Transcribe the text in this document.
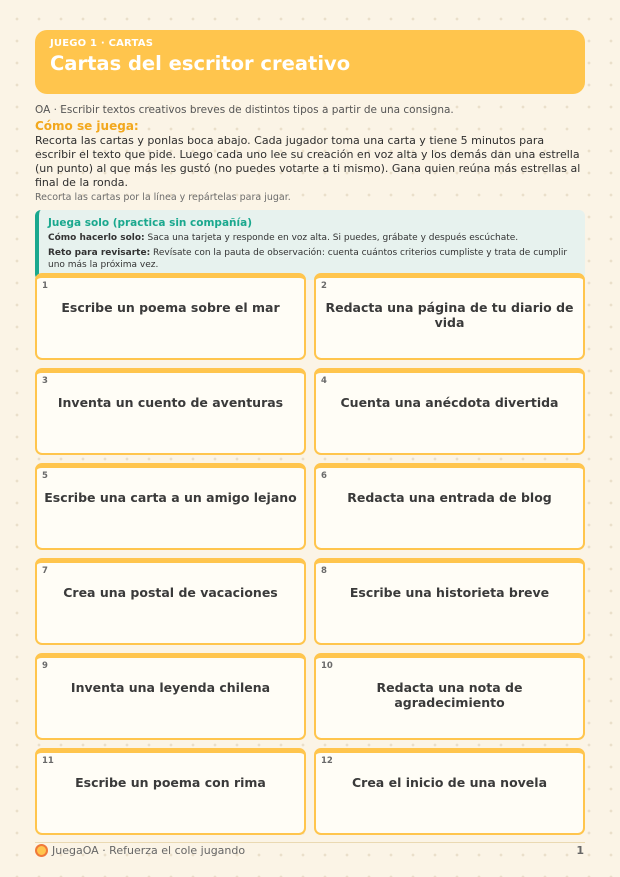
JUEGO 1 · CARTAS
Cartas del escritor creativo
OA · Escribir textos creativos breves de distintos tipos a partir de una consigna.
Cómo se juega:
Recorta las cartas y ponlas boca abajo. Cada jugador toma una carta y tiene 5 minutos para escribir el texto que pide. Luego cada uno lee su creación en voz alta y los demás dan una estrella (un punto) al que más les gustó (no puedes votarte a ti mismo). Gana quien reúna más estrellas al final de la ronda.
Recorta las cartas por la línea y repártelas para jugar.
Juega solo (practica sin compañía)
Cómo hacerlo solo: Saca una tarjeta y responde en voz alta. Si puedes, grábate y después escúchate.
Reto para revisarte: Revísate con la pauta de observación: cuenta cuántos criterios cumpliste y trata de cumplir uno más la próxima vez.
1
Escribe un poema sobre el mar
2
Redacta una página de tu diario de vida
3
Inventa un cuento de aventuras
4
Cuenta una anécdota divertida
5
Escribe una carta a un amigo lejano
6
Redacta una entrada de blog
7
Crea una postal de vacaciones
8
Escribe una historieta breve
9
Inventa una leyenda chilena
10
Redacta una nota de agradecimiento
11
Escribe un poema con rima
12
Crea el inicio de una novela
JuegaOA · Refuerza el cole jugando	1
